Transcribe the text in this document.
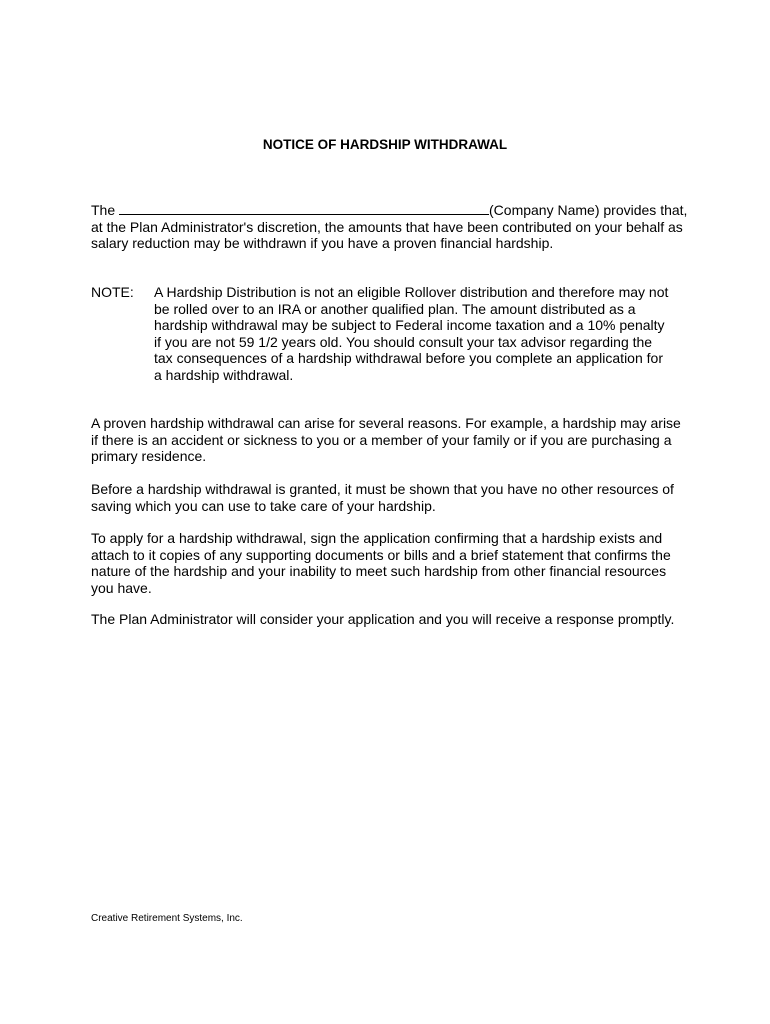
NOTICE OF HARDSHIP WITHDRAWAL

The	(Company Name) provides that, at the Plan Administrator's discretion, the amounts that have been contributed on your behalf as salary reduction may be withdrawn if you have a proven financial hardship.

NOTE: A Hardship Distribution is not an eligible Rollover distribution and therefore may not be rolled over to an IRA or another qualified plan. The amount distributed as a hardship withdrawal may be subject to Federal income taxation and a 10% penalty if you are not 59 1/2 years old. You should consult your tax advisor regarding the tax consequences of a hardship withdrawal before you complete an application for a hardship withdrawal.

A proven hardship withdrawal can arise for several reasons. For example, a hardship may arise if there is an accident or sickness to you or a member of your family or if you are purchasing a primary residence.

Before a hardship withdrawal is granted, it must be shown that you have no other resources of saving which you can use to take care of your hardship.

To apply for a hardship withdrawal, sign the application confirming that a hardship exists and attach to it copies of any supporting documents or bills and a brief statement that confirms the nature of the hardship and your inability to meet such hardship from other financial resources you have.

The Plan Administrator will consider your application and you will receive a response promptly.

Creative Retirement Systems, Inc.
